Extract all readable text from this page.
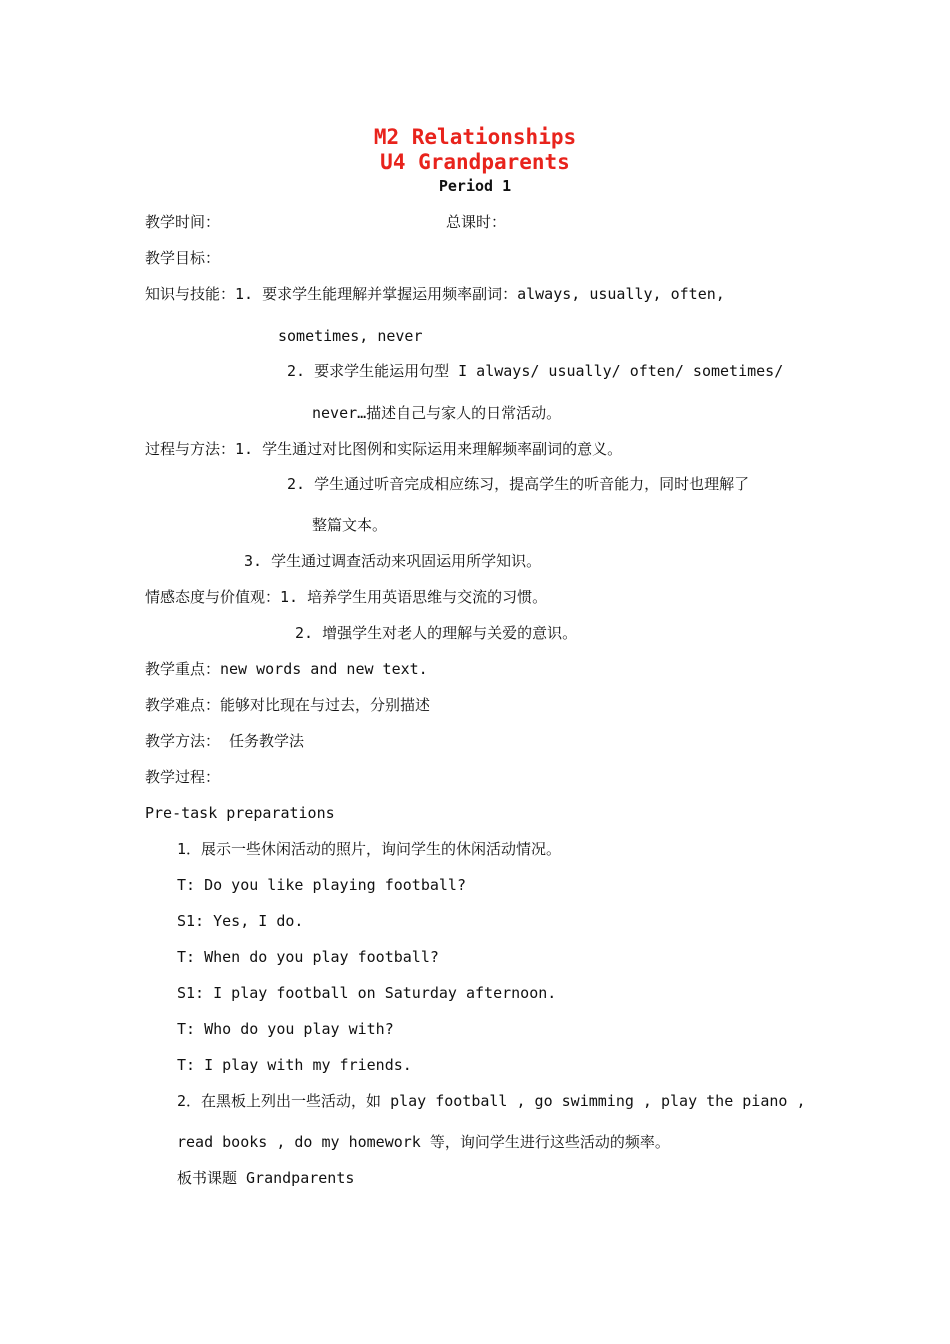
M2 Relationships
U4 Grandparents
Period 1
教学时间：	总课时：
教学目标：
知识与技能：1. 要求学生能理解并掌握运用频率副词：always, usually, often,
sometimes, never
2. 要求学生能运用句型 I always/ usually/ often/ sometimes/
never…描述自己与家人的日常活动。
过程与方法：1. 学生通过对比图例和实际运用来理解频率副词的意义。
2. 学生通过听音完成相应练习，提高学生的听音能力，同时也理解了
整篇文本。
3. 学生通过调查活动来巩固运用所学知识。
情感态度与价值观：1. 培养学生用英语思维与交流的习惯。
2. 增强学生对老人的理解与关爱的意识。
教学重点：new words and new text.
教学难点：能够对比现在与过去，分别描述
教学方法： 任务教学法
教学过程：
Pre-task preparations
1．展示一些休闲活动的照片，询问学生的休闲活动情况。
T: Do you like playing football?
S1: Yes, I do.
T: When do you play football?
S1: I play football on Saturday afternoon.
T: Who do you play with?
T: I play with my friends.
2．在黑板上列出一些活动，如 play football , go swimming , play the piano ,
read books , do my homework 等，询问学生进行这些活动的频率。
板书课题 Grandparents
